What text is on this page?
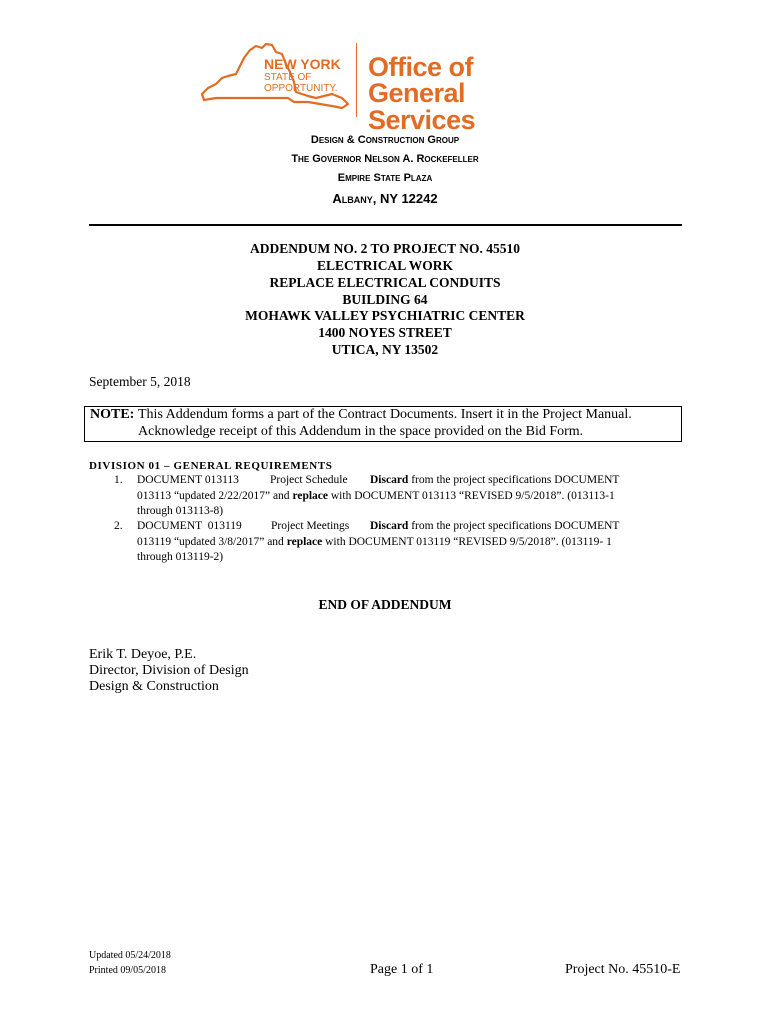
NEW YORK
STATE OF
OPPORTUNITY.
Office of
General Services
Design & Construction Group
The Governor Nelson A. Rockefeller
Empire State Plaza
Albany, NY 12242
ADDENDUM NO. 2 TO PROJECT NO. 45510
ELECTRICAL WORK
REPLACE ELECTRICAL CONDUITS
BUILDING 64
MOHAWK VALLEY PSYCHIATRIC CENTER
1400 NOYES STREET
UTICA, NY 13502
September 5, 2018
NOTE: This Addendum forms a part of the Contract Documents. Insert it in the Project Manual.
Acknowledge receipt of this Addendum in the space provided on the Bid Form.
DIVISION 01 – GENERAL REQUIREMENTS
1. DOCUMENT 013113	Project Schedule Discard from the project specifications DOCUMENT
013113 “updated 2/22/2017” and replace with DOCUMENT 013113 “REVISED 9/5/2018”. (013113-1
through 013113-8)
2. DOCUMENT  013119	Project Meetings Discard from the project specifications DOCUMENT
013119 “updated 3/8/2017” and replace with DOCUMENT 013119 “REVISED 9/5/2018”. (013119- 1
through 013119-2)
END OF ADDENDUM
Erik T. Deyoe, P.E.
Director, Division of Design
Design & Construction
Updated 05/24/2018
Printed 09/05/2018	Page 1 of 1	Project No. 45510-E
